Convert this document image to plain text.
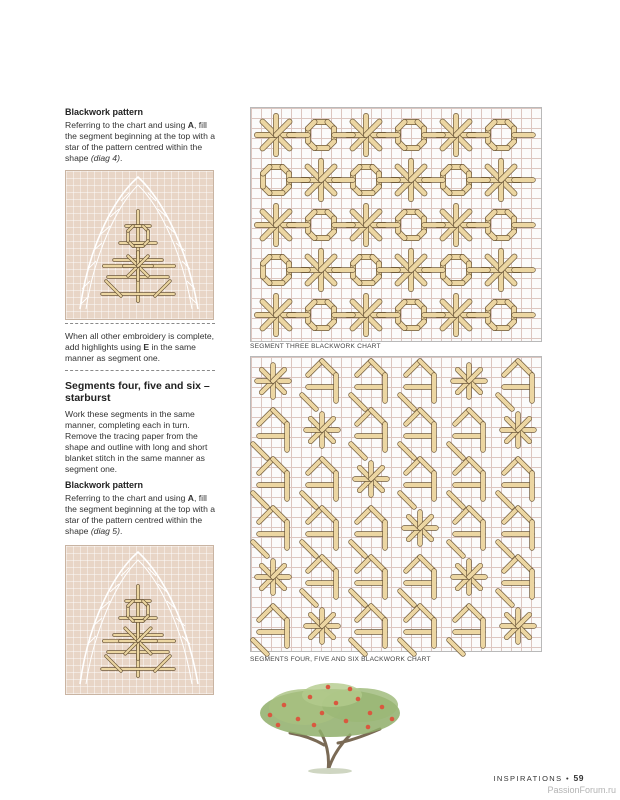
Blackwork pattern
Referring to the chart and using A, fill the segment beginning at the top with a star of the pattern centred within the shape (diag 4).
When all other embroidery is complete, add highlights using E in the same manner as segment one.
Segments four, five and six – starburst
Work these segments in the same manner, completing each in turn. Remove the tracing paper from the shape and outline with long and short blanket stitch in the same manner as segment one.
Blackwork pattern
Referring to the chart and using A, fill the segment beginning at the top with a star of the pattern centred within the shape (diag 5).
SEGMENT THREE BLACKWORK CHART
SEGMENTS FOUR, FIVE AND SIX BLACKWORK CHART
INSPIRATIONS • 59
PassionForum.ru
